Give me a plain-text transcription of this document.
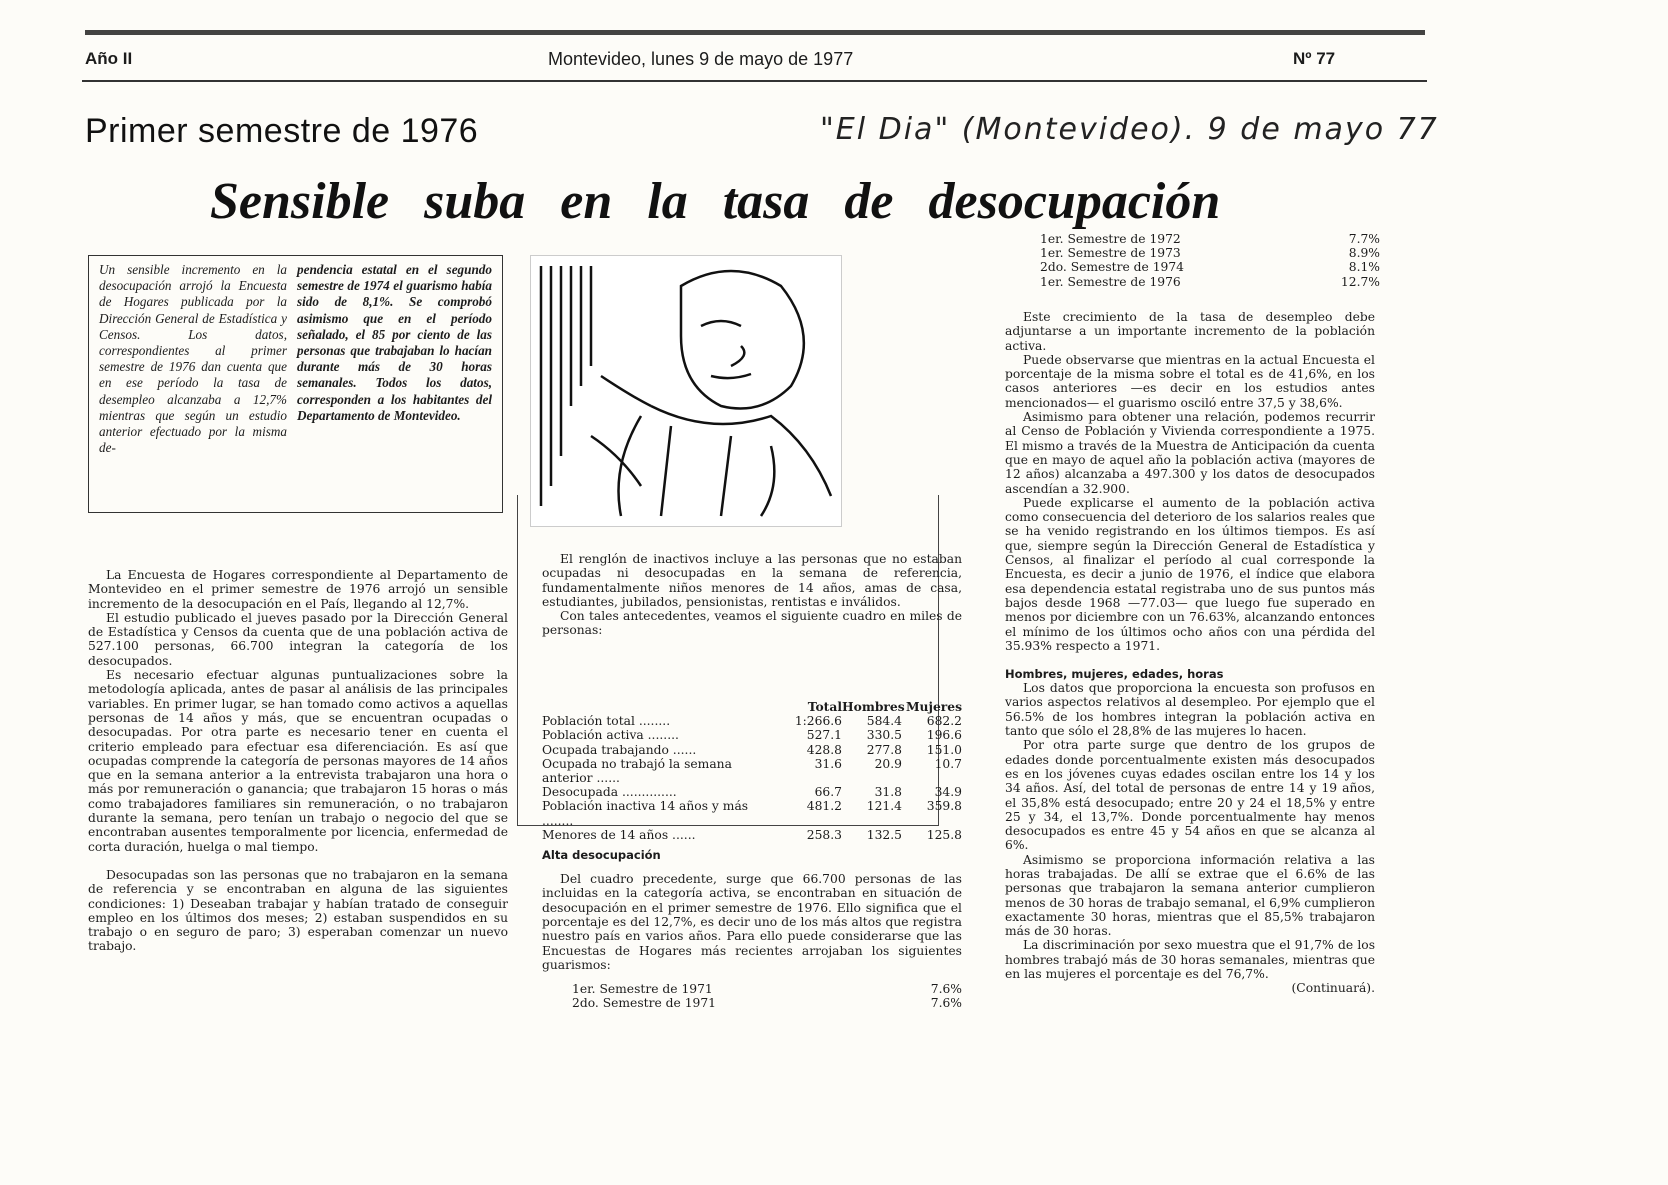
Año II	Montevideo, lunes 9 de mayo de 1977	Nº 77
Primer semestre de 1976	"El Dia" (Montevideo). 9 de mayo 77
Sensible suba en la tasa de desocupación
Un sensible incremento en la desocupación arrojó la Encuesta de Hogares publicada por la Dirección General de Estadística y Censos. Los datos, correspondientes al primer semestre de 1976 dan cuenta que en ese período la tasa de desempleo alcanzaba a 12,7% mientras que según un estudio anterior efectuado por la misma de-
pendencia estatal en el segundo semestre de 1974 el guarismo había sido de 8,1%. Se comprobó asimismo que en el período señalado, el 85 por ciento de las personas que trabajaban lo hacían durante más de 30 horas semanales. Todos los datos, corresponden a los habitantes del Departamento de Montevideo.

La Encuesta de Hogares correspondiente al Departamento de Montevideo en el primer semestre de 1976 arrojó un sensible incremento de la desocupación en el País, llegando al 12,7%.

El estudio publicado el jueves pasado por la Dirección General de Estadística y Censos da cuenta que de una población activa de 527.100 personas, 66.700 integran la categoría de los desocupados.

Es necesario efectuar algunas puntualizaciones sobre la metodología aplicada, antes de pasar al análisis de las principales variables. En primer lugar, se han tomado como activos a aquellas personas de 14 años y más, que se encuentran ocupadas o desocupadas. Por otra parte es necesario tener en cuenta el criterio empleado para efectuar esa diferenciación. Es así que ocupadas comprende la categoría de personas mayores de 14 años que en la semana anterior a la entrevista trabajaron una hora o más por remuneración o ganancia; que trabajaron 15 horas o más como trabajadores familiares sin remuneración, o no trabajaron durante la semana, pero tenían un trabajo o negocio del que se encontraban ausentes temporalmente por licencia, enfermedad de corta duración, huelga o mal tiempo.

Desocupadas son las personas que no trabajaron en la semana de referencia y se encontraban en alguna de las siguientes condiciones: 1) Deseaban trabajar y habían tratado de conseguir empleo en los últimos dos meses; 2) estaban suspendidos en su trabajo o en seguro de paro; 3) esperaban comenzar un nuevo trabajo.

El renglón de inactivos incluye a las personas que no estaban ocupadas ni desocupadas en la semana de referencia, fundamentalmente niños menores de 14 años, amas de casa, estudiantes, jubilados, pensionistas, rentistas e inválidos.

Con tales antecedentes, veamos el siguiente cuadro en miles de personas:

Total Hombres Mujeres
Población total ........	1:266.6	584.4	682.2
Población activa ........	527.1	330.5	196.6
Ocupada trabajando ......	428.8	277.8	151.0
Ocupada no trabajó la semana anterior ......
31.6	20.9	10.7
Desocupada ..............	66.7	31.8	34.9
Población inactiva 14 años y más ........
481.2	121.4	359.8
Menores de 14 años ......	258.3	132.5	125.8
Alta desocupación

Del cuadro precedente, surge que 66.700 personas de las incluidas en la categoría activa, se encontraban en situación de desocupación en el primer semestre de 1976. Ello significa que el porcentaje es del 12,7%, es decir uno de los más altos que registra nuestro país en varios años. Para ello puede considerarse que las Encuestas de Hogares más recientes arrojaban los siguientes guarismos:

1er. Semestre de 1971	7.6%
2do. Semestre de 1971	7.6%
1er. Semestre de 1972	7.7%
1er. Semestre de 1973	8.9%
2do. Semestre de 1974	8.1%
1er. Semestre de 1976	12.7%

Este crecimiento de la tasa de desempleo debe adjuntarse a un importante incremento de la población activa.

Puede observarse que mientras en la actual Encuesta el porcentaje de la misma sobre el total es de 41,6%, en los casos anteriores —es decir en los estudios antes mencionados— el guarismo osciló entre 37,5 y 38,6%.

Asimismo para obtener una relación, podemos recurrir al Censo de Población y Vivienda correspondiente a 1975. El mismo a través de la Muestra de Anticipación da cuenta que en mayo de aquel año la población activa (mayores de 12 años) alcanzaba a 497.300 y los datos de desocupados ascendían a 32.900.

Puede explicarse el aumento de la población activa como consecuencia del deterioro de los salarios reales que se ha venido registrando en los últimos tiempos. Es así que, siempre según la Dirección General de Estadística y Censos, al finalizar el período al cual corresponde la Encuesta, es decir a junio de 1976, el índice que elabora esa dependencia estatal registraba uno de sus puntos más bajos desde 1968 —77.03— que luego fue superado en menos por diciembre con un 76.63%, alcanzando entonces el mínimo de los últimos ocho años con una pérdida del 35.93% respecto a 1971.

Hombres, mujeres, edades, horas

Los datos que proporciona la encuesta son profusos en varios aspectos relativos al desempleo. Por ejemplo que el 56.5% de los hombres integran la población activa en tanto que sólo el 28,8% de las mujeres lo hacen.

Por otra parte surge que dentro de los grupos de edades donde porcentualmente existen más desocupados es en los jóvenes cuyas edades oscilan entre los 14 y los 34 años. Así, del total de personas de entre 14 y 19 años, el 35,8% está desocupado; entre 20 y 24 el 18,5% y entre 25 y 34, el 13,7%. Donde porcentualmente hay menos desocupados es entre 45 y 54 años en que se alcanza al 6%.

Asimismo se proporciona información relativa a las horas trabajadas. De allí se extrae que el 6.6% de las personas que trabajaron la semana anterior cumplieron menos de 30 horas de trabajo semanal, el 6,9% cumplieron exactamente 30 horas, mientras que el 85,5% trabajaron más de 30 horas.

La discriminación por sexo muestra que el 91,7% de los hombres trabajó más de 30 horas semanales, mientras que en las mujeres el porcentaje es del 76,7%.

(Continuará).
